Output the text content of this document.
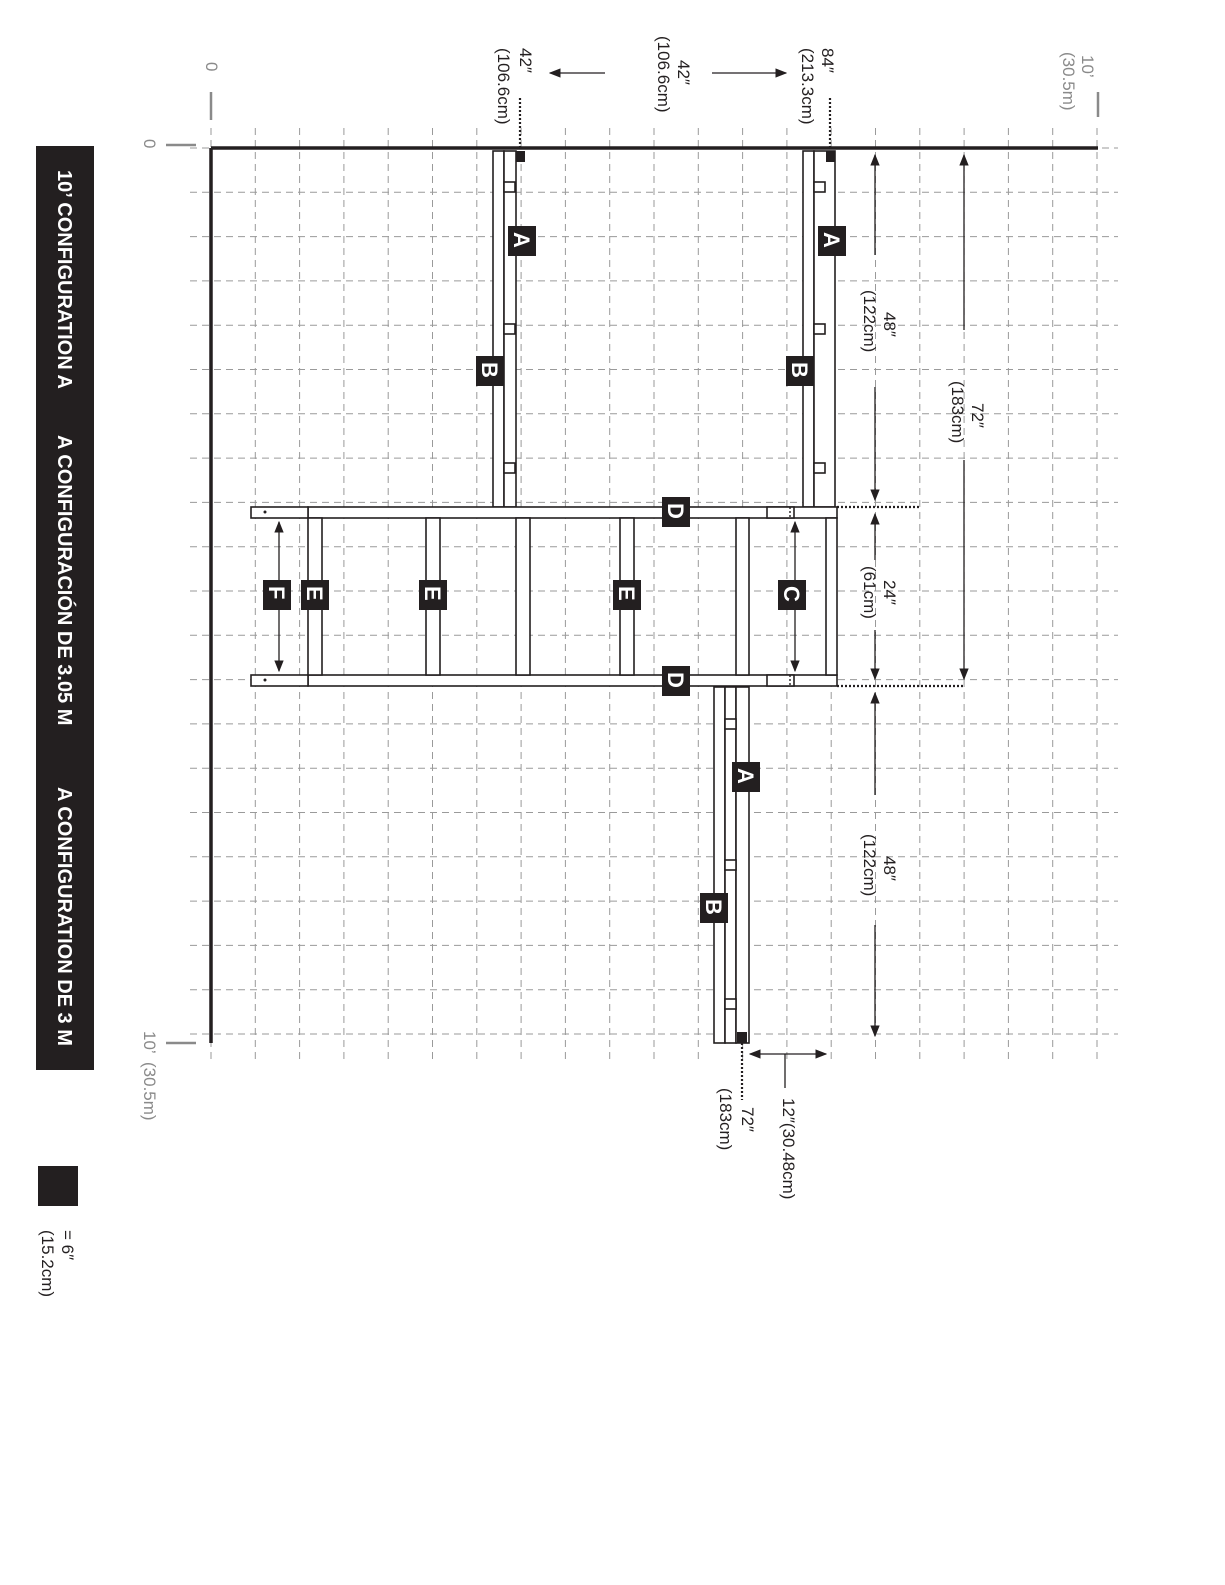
10’ CONFIGURATION A
A CONFIGURACIÓN DE 3.05 M
A CONFIGURATION DE 3 M
= 6″
(15.2cm)
0
0
10’
(30.5m)
10’
(30.5m)
42″
(106.6cm)	42″
(106.6cm)	84″
(213.3cm)
48″
(122cm)
72″
(183cm)
24″
(61cm)
48″
(122cm)
72″
(183cm)	12″(30.48cm)
A
B
A
B
D
D
C
E
E
E
F
A
B
